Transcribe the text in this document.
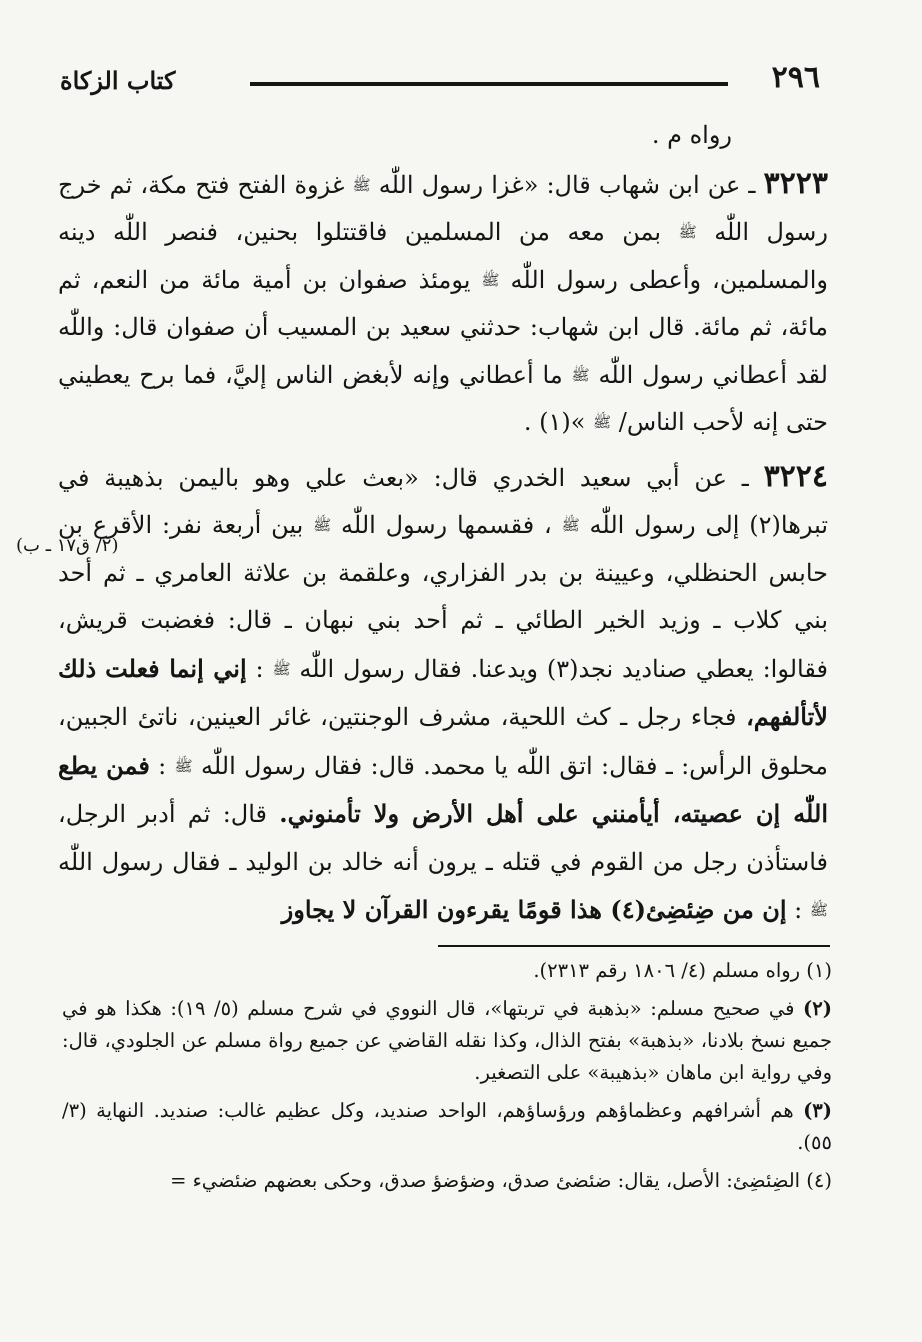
٢٩٦
كتاب الزكاة

رواه م .

٣٢٢٣ ـ عن ابن شهاب قال: «غزا رسول اللّٰه ﷺ غزوة الفتح فتح مكة، ثم خرج رسول اللّٰه ﷺ بمن معه من المسلمين فاقتتلوا بحنين، فنصر اللّٰه دينه والمسلمين، وأعطى رسول اللّٰه ﷺ يومئذ صفوان بن أمية مائة من النعم، ثم مائة، ثم مائة. قال ابن شهاب: حدثني سعيد بن المسيب أن صفوان قال: واللّٰه لقد أعطاني رسول اللّٰه ﷺ ما أعطاني وإنه لأبغض الناس إليَّ، فما برح يعطيني حتى إنه لأحب الناس/ ﷺ »(١) .

(٢/ ق١٧ ـ ب)

٣٢٢٤ ـ عن أبي سعيد الخدري قال: «بعث علي وهو باليمن بذهيبة في تبرها(٢) إلى رسول اللّٰه ﷺ ، فقسمها رسول اللّٰه ﷺ بين أربعة نفر: الأقرع بن حابس الحنظلي، وعيينة بن بدر الفزاري، وعلقمة بن علاثة العامري ـ ثم أحد بني كلاب ـ وزيد الخير الطائي ـ ثم أحد بني نبهان ـ قال: فغضبت قريش، فقالوا: يعطي صناديد نجد(٣) ويدعنا. فقال رسول اللّٰه ﷺ : إني إنما فعلت ذلك لأتألفهم، فجاء رجل ـ كث اللحية، مشرف الوجنتين، غائر العينين، ناتئ الجبين، محلوق الرأس: ـ فقال: اتق اللّٰه يا محمد. قال: فقال رسول اللّٰه ﷺ : فمن يطع اللّٰه إن عصيته، أيأمنني على أهل الأرض ولا تأمنوني. قال: ثم أدبر الرجل، فاستأذن رجل من القوم في قتله ـ يرون أنه خالد بن الوليد ـ فقال رسول اللّٰه ﷺ : إن من ضِئضِئ(٤) هذا قومًا يقرءون القرآن لا يجاوز

(١) رواه مسلم (٤/ ١٨٠٦ رقم ٢٣١٣).

(٢) في صحيح مسلم: «بذهبة في تربتها»، قال النووي في شرح مسلم (٥/ ١٩): هكذا هو في جميع نسخ بلادنا، «بذهبة» بفتح الذال، وكذا نقله القاضي عن جميع رواة مسلم عن الجلودي، قال: وفي رواية ابن ماهان «بذهيبة» على التصغير.

(٣) هم أشرافهم وعظماؤهم ورؤساؤهم، الواحد صنديد، وكل عظيم غالب: صنديد. النهاية (٣/ ٥٥).

(٤) الضِئضِئ: الأصل، يقال: ضئضئ صدق، وضؤضؤ صدق، وحكى بعضهم ضئضيء =
